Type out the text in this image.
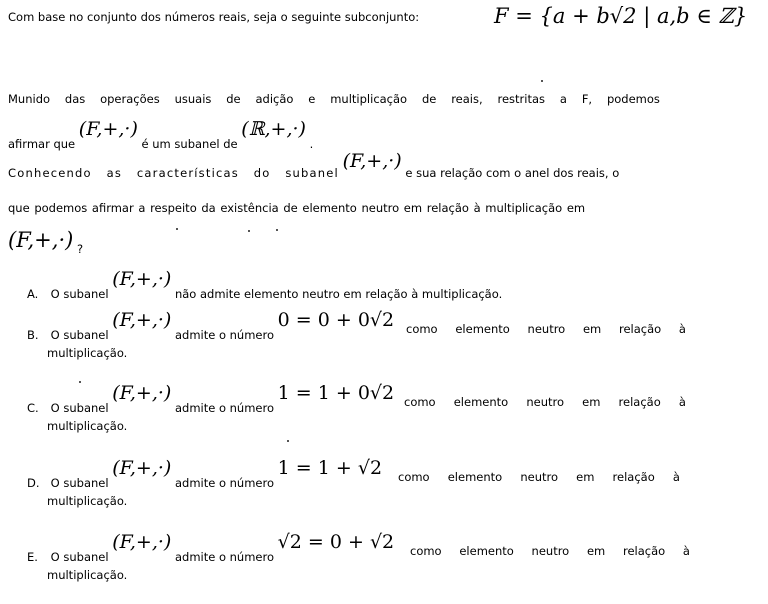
Com base no conjunto dos números reais, seja o seguinte subconjunto:	F = {a + b√2 | a,b ∈ ℤ}
Munido das operações usuais de adição e multiplicação de reais, restritas a F, podemos
afirmar que (F,+,·) é um subanel de (ℝ,+,·) .
Conhecendo as características do subanel (F,+,·) e sua relação com o anel dos reais, o
que podemos afirmar a respeito da existência de elemento neutro em relação à multiplicação em
(F,+,·) ?
A. O subanel (F,+,·) não admite elemento neutro em relação à multiplicação.
B. O subanel (F,+,·) admite o número 0 = 0 + 0√2 como elemento neutro em relação à
multiplicação.
C. O subanel (F,+,·) admite o número 1 = 1 + 0√2 como elemento neutro em relação à
multiplicação.
D. O subanel (F,+,·) admite o número 1 = 1 + √2 como elemento neutro em relação à
multiplicação.
E. O subanel (F,+,·) admite o número √2 = 0 + √2 como elemento neutro em relação à
multiplicação.
